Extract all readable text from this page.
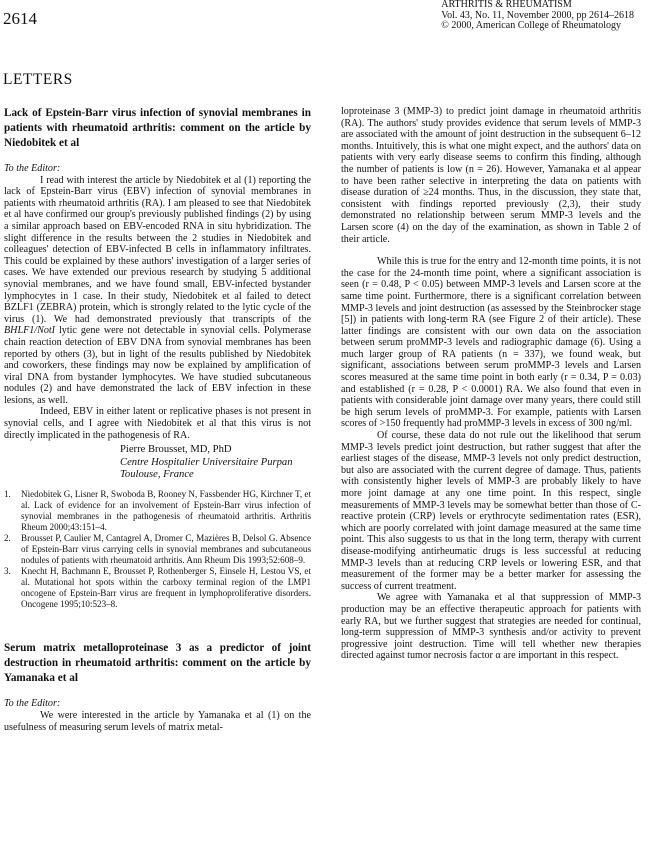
2614
ARTHRITIS & RHEUMATISM
Vol. 43, No. 11, November 2000, pp 2614–2618
© 2000, American College of Rheumatology
LETTERS

Lack of Epstein-Barr virus infection of synovial membranes in patients with rheumatoid arthritis: comment on the article by Niedobitek et al

To the Editor:

I read with interest the article by Niedobitek et al (1) reporting the lack of Epstein-Barr virus (EBV) infection of synovial membranes in patients with rheumatoid arthritis (RA). I am pleased to see that Niedobitek et al have confirmed our group's previously published findings (2) by using a similar approach based on EBV-encoded RNA in situ hybridization. The slight difference in the results between the 2 studies in Niedobitek and colleagues' detection of EBV-infected B cells in inflammatory infiltrates. This could be explained by these authors' investigation of a larger series of cases. We have extended our previous research by studying 5 additional synovial membranes, and we have found small, EBV-infected bystander lymphocytes in 1 case. In their study, Niedobitek et al failed to detect BZLF1 (ZEBRA) protein, which is strongly related to the lytic cycle of the virus (1). We had demonstrated previously that transcripts of the BHLF1/NotI lytic gene were not detectable in synovial cells. Polymerase chain reaction detection of EBV DNA from synovial membranes has been reported by others (3), but in light of the results published by Niedobitek and coworkers, these findings may now be explained by amplification of viral DNA from bystander lymphocytes. We have studied subcutaneous nodules (2) and have demonstrated the lack of EBV infection in these lesions, as well.

Indeed, EBV in either latent or replicative phases is not present in synovial cells, and I agree with Niedobitek et al that this virus is not directly implicated in the pathogenesis of RA.

Pierre Brousset, MD, PhD
Centre Hospitalier Universitaire Purpan
Toulouse, France
1. Niedobitek G, Lisner R, Swoboda B, Rooney N, Fassbender HG, Kirchner T, et al. Lack of evidence for an involvement of Epstein-Barr virus infection of synovial membranes in the pathogenesis of rheumatoid arthritis. Arthritis Rheum 2000;43:151–4.
2. Brousset P, Caulier M, Cantagrel A, Dromer C, Mazières B, Delsol G. Absence of Epstein-Barr virus carrying cells in synovial membranes and subcutaneous nodules of patients with rheumatoid arthritis. Ann Rheum Dis 1993;52:608–9.
3. Knecht H, Bachmann E, Brousset P, Rothenberger S, Einsele H, Lestou VS, et al. Mutational hot spots within the carboxy terminal region of the LMP1 oncogene of Epstein-Barr virus are frequent in lymphoproliferative disorders. Oncogene 1995;10:523–8.

Serum matrix metalloproteinase 3 as a predictor of joint destruction in rheumatoid arthritis: comment on the article by Yamanaka et al

To the Editor:

We were interested in the article by Yamanaka et al (1) on the usefulness of measuring serum levels of matrix metal-

loproteinase 3 (MMP-3) to predict joint damage in rheumatoid arthritis (RA). The authors' study provides evidence that serum levels of MMP-3 are associated with the amount of joint destruction in the subsequent 6–12 months. Intuitively, this is what one might expect, and the authors' data on patients with very early disease seems to confirm this finding, although the number of patients is low (n = 26). However, Yamanaka et al appear to have been rather selective in interpreting the data on patients with disease duration of ≥24 months. Thus, in the discussion, they state that, consistent with findings reported previously (2,3), their study demonstrated no relationship between serum MMP-3 levels and the Larsen score (4) on the day of the examination, as shown in Table 2 of their article.

While this is true for the entry and 12-month time points, it is not the case for the 24-month time point, where a significant association is seen (r = 0.48, P < 0.05) between MMP-3 levels and Larsen score at the same time point. Furthermore, there is a significant correlation between MMP-3 levels and joint destruction (as assessed by the Steinbrocker stage [5]) in patients with long-term RA (see Figure 2 of their article). These latter findings are consistent with our own data on the association between serum proMMP-3 levels and radiographic damage (6). Using a much larger group of RA patients (n = 337), we found weak, but significant, associations between serum proMMP-3 levels and Larsen scores measured at the same time point in both early (r = 0.34, P = 0.03) and established (r = 0.28, P < 0.0001) RA. We also found that even in patients with considerable joint damage over many years, there could still be high serum levels of proMMP-3. For example, patients with Larsen scores of >150 frequently had proMMP-3 levels in excess of 300 ng/ml.

Of course, these data do not rule out the likelihood that serum MMP-3 levels predict joint destruction, but rather suggest that after the earliest stages of the disease, MMP-3 levels not only predict destruction, but also are associated with the current degree of damage. Thus, patients with consistently higher levels of MMP-3 are probably likely to have more joint damage at any one time point. In this respect, single measurements of MMP-3 levels may be somewhat better than those of C-reactive protein (CRP) levels or erythrocyte sedimentation rates (ESR), which are poorly correlated with joint damage measured at the same time point. This also suggests to us that in the long term, therapy with current disease-modifying antirheumatic drugs is less successful at reducing MMP-3 levels than at reducing CRP levels or lowering ESR, and that measurement of the former may be a better marker for assessing the success of current treatment.

We agree with Yamanaka et al that suppression of MMP-3 production may be an effective therapeutic approach for patients with early RA, but we further suggest that strategies are needed for continual, long-term suppression of MMP-3 synthesis and/or activity to prevent progressive joint destruction. Time will tell whether new therapies directed against tumor necrosis factor α are important in this respect.
